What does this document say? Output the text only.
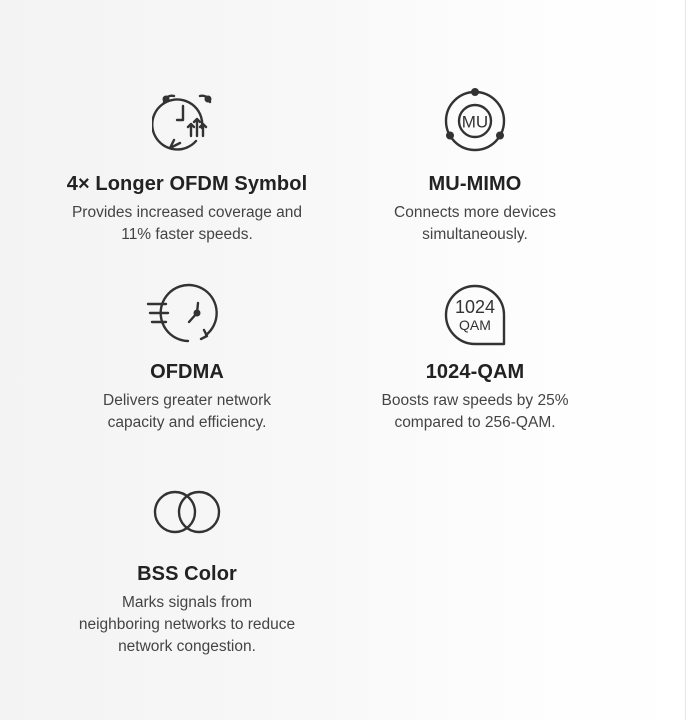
4× Longer OFDM Symbol

Provides increased coverage and
11% faster speeds.

MU
MU-MIMO

Connects more devices
simultaneously.

OFDMA

Delivers greater network
capacity and efficiency.

1024
QAM
1024-QAM

Boosts raw speeds by 25%
compared to 256-QAM.

BSS Color

Marks signals from
neighboring networks to reduce
network congestion.
